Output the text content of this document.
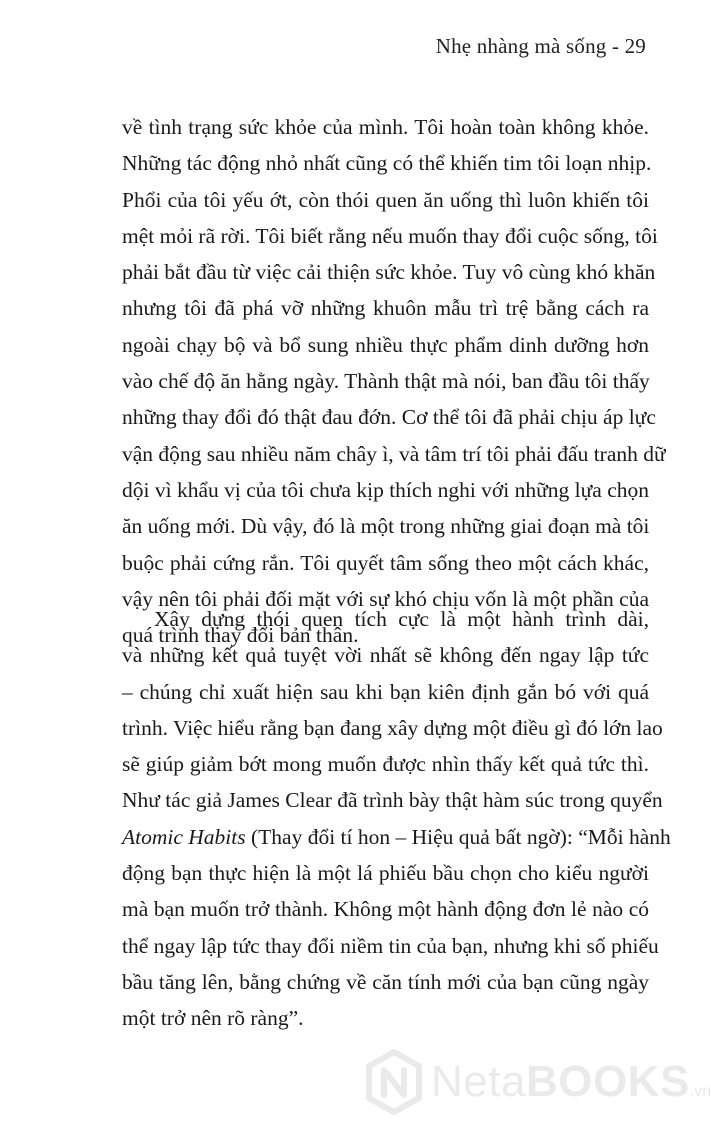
Nhẹ nhàng mà sống - 29
về tình trạng sức khỏe của mình. Tôi hoàn toàn không khỏe.
Những tác động nhỏ nhất cũng có thể khiến tim tôi loạn nhịp.
Phổi của tôi yếu ớt, còn thói quen ăn uống thì luôn khiến tôi
mệt mỏi rã rời. Tôi biết rằng nếu muốn thay đổi cuộc sống, tôi
phải bắt đầu từ việc cải thiện sức khỏe. Tuy vô cùng khó khăn
nhưng tôi đã phá vỡ những khuôn mẫu trì trệ bằng cách ra
ngoài chạy bộ và bổ sung nhiều thực phẩm dinh dưỡng hơn
vào chế độ ăn hằng ngày. Thành thật mà nói, ban đầu tôi thấy
những thay đổi đó thật đau đớn. Cơ thể tôi đã phải chịu áp lực
vận động sau nhiều năm chây ì, và tâm trí tôi phải đấu tranh dữ
dội vì khẩu vị của tôi chưa kịp thích nghi với những lựa chọn
ăn uống mới. Dù vậy, đó là một trong những giai đoạn mà tôi
buộc phải cứng rắn. Tôi quyết tâm sống theo một cách khác,
vậy nên tôi phải đối mặt với sự khó chịu vốn là một phần của
quá trình thay đổi bản thân.
Xây dựng thói quen tích cực là một hành trình dài,
và những kết quả tuyệt vời nhất sẽ không đến ngay lập tức
– chúng chỉ xuất hiện sau khi bạn kiên định gắn bó với quá
trình. Việc hiểu rằng bạn đang xây dựng một điều gì đó lớn lao
sẽ giúp giảm bớt mong muốn được nhìn thấy kết quả tức thì.
Như tác giả James Clear đã trình bày thật hàm súc trong quyển
Atomic Habits (Thay đổi tí hon – Hiệu quả bất ngờ): “Mỗi hành
động bạn thực hiện là một lá phiếu bầu chọn cho kiểu người
mà bạn muốn trở thành. Không một hành động đơn lẻ nào có
thể ngay lập tức thay đổi niềm tin của bạn, nhưng khi số phiếu
bầu tăng lên, bằng chứng về căn tính mới của bạn cũng ngày
một trở nên rõ ràng”.
NetaBOOKS.vn
